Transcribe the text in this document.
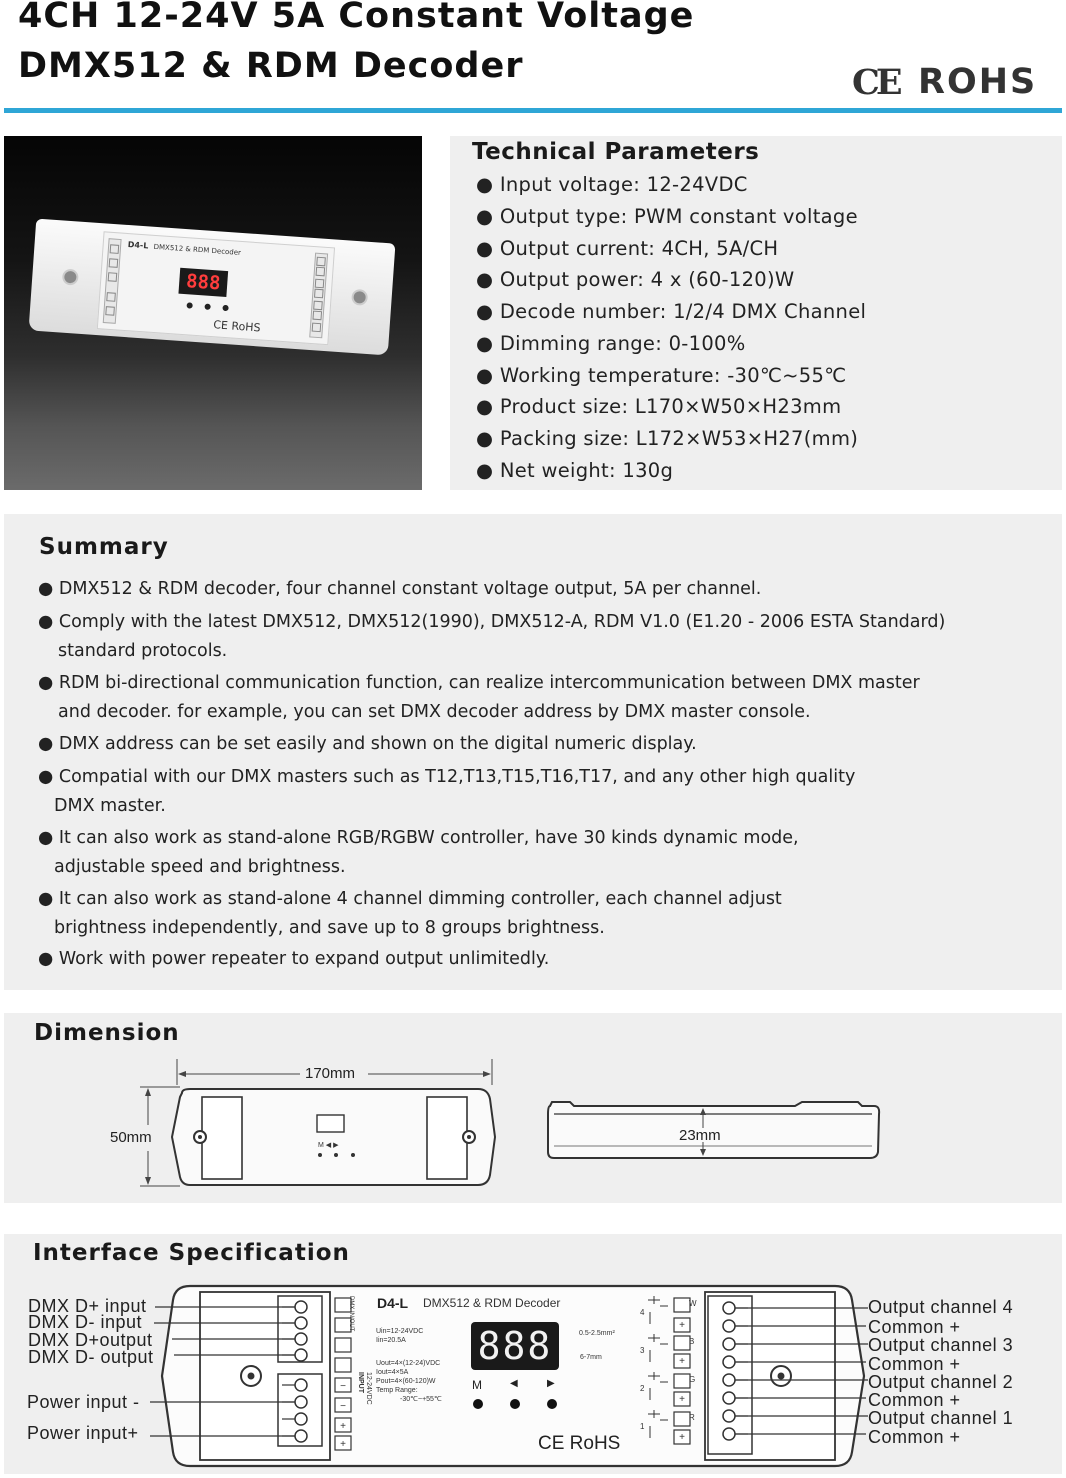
4CH 12-24V 5A Constant Voltage
DMX512 & RDM Decoder	CE ROHS
D4-L DMX512 & RDM Decoder
888
CE RoHS
Technical Parameters
● Input voltage: 12-24VDC
● Output type: PWM constant voltage
● Output current: 4CH, 5A/CH
● Output power: 4 x (60-120)W
● Decode number: 1/2/4 DMX Channel
● Dimming range: 0-100%
● Working temperature: -30℃~55℃
● Product size: L170×W50×H23mm
● Packing size: L172×W53×H27(mm)
● Net weight: 130g
Summary
● DMX512 & RDM decoder, four channel constant voltage output, 5A per channel.
● Comply with the latest DMX512, DMX512(1990), DMX512-A, RDM V1.0 (E1.20 - 2006 ESTA Standard)
standard protocols.
● RDM bi-directional communication function, can realize intercommunication between DMX master
and decoder. for example, you can set DMX decoder address by DMX master console.
● DMX address can be set easily and shown on the digital numeric display.
● Compatial with our DMX masters such as T12,T13,T15,T16,T17, and any other high quality
DMX master.
● It can also work as stand-alone RGB/RGBW controller, have 30 kinds dynamic mode,
adjustable speed and brightness.
● It can also work as stand-alone 4 channel dimming controller, each channel adjust
brightness independently, and save up to 8 groups brightness.
● Work with power repeater to expand output unlimitedly.
Dimension
M ◀ ▶
170mm
50mm	23mm
Interface Specification
−
−
+
+
+
+
+
+
D4-L DMX512 & RDM Decoder
888
M	◀	▶
0.5-2.5mm²
6-7mm
Uin=12-24VDC
Iin=20.5A
Uout=4×(12-24)VDC
Iout=4×5A
Pout=4×(60-120)W
Temp Range:
-30℃~+55℃
DMX IN/OUT
12-24VDC
INPUT
CE RoHS
4
3
2
1
W
B
G
R
DMX D+ input
DMX D- input
DMX D+output
DMX D- output
Power input -
Power input+
Output channel 4
Common +
Output channel 3
Common +
Output channel 2
Common +
Output channel 1
Common +
